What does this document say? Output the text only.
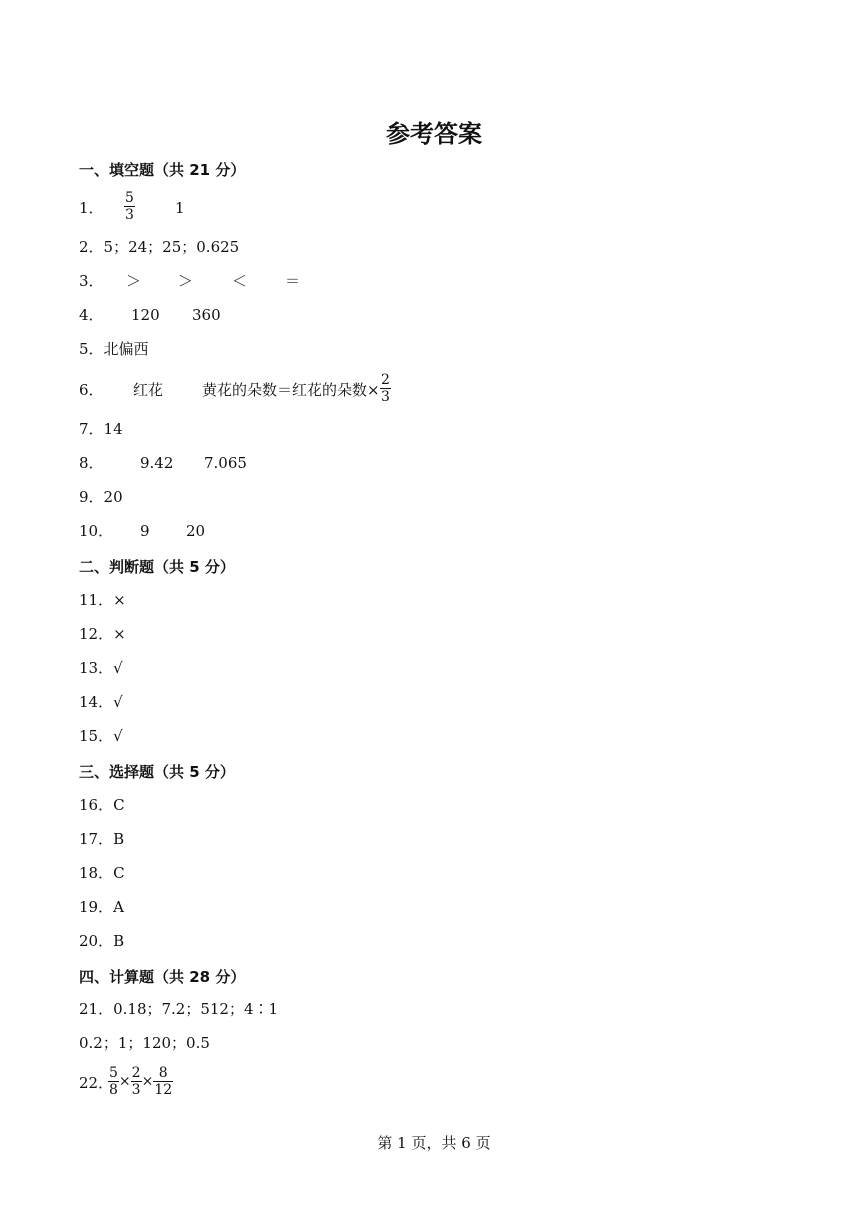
参考答案
一、填空题（共 21 分）
1． $\frac{5}{3}$	1
2．5；24；25；0.625
3． ＞ ＞	＜	＝
4． 120 360
5．北偏西
6． 红花	黄花的朵数＝红花的朵数× $\frac{2}{3}$
7．14
8． 9.42 7.065
9．20
10． 9 20
二、判断题（共 5 分）
11．×
12．×
13．√
14．√
15．√
三、选择题（共 5 分）
16．C
17．B
18．C
19．A
20．B
四、计算题（共 28 分）
21．0.18；7.2；512；4∶1
0.2；1；120；0.5
22．
$\frac{5}{8} \times \frac{2}{3} \times \frac{8}{12}$
第 1 页，共 6 页
